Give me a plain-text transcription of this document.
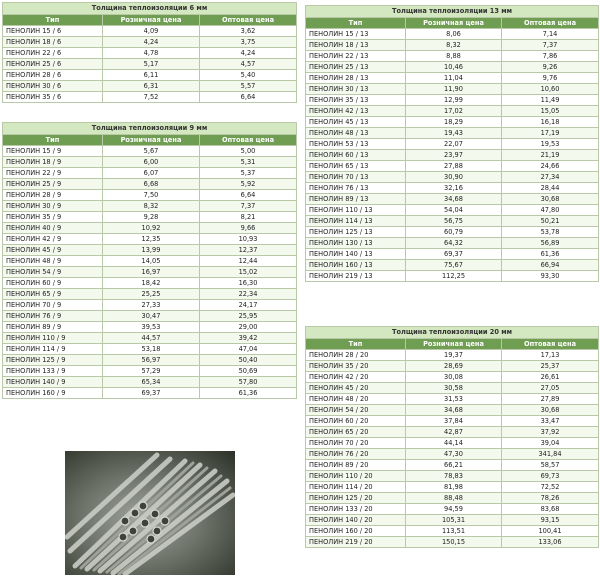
Толщина теплоизоляции 6 мм		
Тип	Розничная цена	Оптовая цена
ПЕНОЛИН 15 / 6	4,09	3,62
ПЕНОЛИН 18 / 6	4,24	3,75
ПЕНОЛИН 22 / 6	4,78	4,24
ПЕНОЛИН 25 / 6	5,17	4,57
ПЕНОЛИН 28 / 6	6,11	5,40
ПЕНОЛИН 30 / 6	6,31	5,57
ПЕНОЛИН 35 / 6	7,52	6,64
Толщина теплоизоляции 9 мм		
Тип	Розничная цена	Оптовая цена
ПЕНОЛИН 15 / 9	5,67	5,00
ПЕНОЛИН 18 / 9	6,00	5,31
ПЕНОЛИН 22 / 9	6,07	5,37
ПЕНОЛИН 25 / 9	6,68	5,92
ПЕНОЛИН 28 / 9	7,50	6,64
ПЕНОЛИН 30 / 9	8,32	7,37
ПЕНОЛИН 35 / 9	9,28	8,21
ПЕНОЛИН 40 / 9	10,92	9,66
ПЕНОЛИН 42 / 9	12,35	10,93
ПЕНОЛИН 45 / 9	13,99	12,37
ПЕНОЛИН 48 / 9	14,05	12,44
ПЕНОЛИН 54 / 9	16,97	15,02
ПЕНОЛИН 60 / 9	18,42	16,30
ПЕНОЛИН 65 / 9	25,25	22,34
ПЕНОЛИН 70 / 9	27,33	24,17
ПЕНОЛИН 76 / 9	30,47	25,95
ПЕНОЛИН 89 / 9	39,53	29,00
ПЕНОЛИН 110 / 9	44,57	39,42
ПЕНОЛИН 114 / 9	53,18	47,04
ПЕНОЛИН 125 / 9	56,97	50,40
ПЕНОЛИН 133 / 9	57,29	50,69
ПЕНОЛИН 140 / 9	65,34	57,80
ПЕНОЛИН 160 / 9	69,37	61,36
Толщина теплоизоляции 13 мм		
Тип	Розничная цена	Оптовая цена
ПЕНОЛИН 15 / 13	8,06	7,14
ПЕНОЛИН 18 / 13	8,32	7,37
ПЕНОЛИН 22 / 13	8,88	7,86
ПЕНОЛИН 25 / 13	10,46	9,26
ПЕНОЛИН 28 / 13	11,04	9,76
ПЕНОЛИН 30 / 13	11,90	10,60
ПЕНОЛИН 35 / 13	12,99	11,49
ПЕНОЛИН 42 / 13	17,02	15,05
ПЕНОЛИН 45 / 13	18,29	16,18
ПЕНОЛИН 48 / 13	19,43	17,19
ПЕНОЛИН 53 / 13	22,07	19,53
ПЕНОЛИН 60 / 13	23,97	21,19
ПЕНОЛИН 65 / 13	27,88	24,66
ПЕНОЛИН 70 / 13	30,90	27,34
ПЕНОЛИН 76 / 13	32,16	28,44
ПЕНОЛИН 89 / 13	34,68	30,68
ПЕНОЛИН 110 / 13	54,04	47,80
ПЕНОЛИН 114 / 13	56,75	50,21
ПЕНОЛИН 125 / 13	60,79	53,78
ПЕНОЛИН 130 / 13	64,32	56,89
ПЕНОЛИН 140 / 13	69,37	61,36
ПЕНОЛИН 160 / 13	75,67	66,94
ПЕНОЛИН 219 / 13	112,25	93,30
Толщина теплоизоляции 20 мм		
Тип	Розничная цена	Оптовая цена
ПЕНОЛИН 28 / 20	19,37	17,13
ПЕНОЛИН 35 / 20	28,69	25,37
ПЕНОЛИН 42 / 20	30,08	26,61
ПЕНОЛИН 45 / 20	30,58	27,05
ПЕНОЛИН 48 / 20	31,53	27,89
ПЕНОЛИН 54 / 20	34,68	30,68
ПЕНОЛИН 60 / 20	37,84	33,47
ПЕНОЛИН 65 / 20	42,87	37,92
ПЕНОЛИН 70 / 20	44,14	39,04
ПЕНОЛИН 76 / 20	47,30	341,84
ПЕНОЛИН 89 / 20	66,21	58,57
ПЕНОЛИН 110 / 20	78,83	69,73
ПЕНОЛИН 114 / 20	81,98	72,52
ПЕНОЛИН 125 / 20	88,48	78,26
ПЕНОЛИН 133 / 20	94,59	83,68
ПЕНОЛИН 140 / 20	105,31	93,15
ПЕНОЛИН 160 / 20	113,51	100,41
ПЕНОЛИН 219 / 20	150,15	133,06
